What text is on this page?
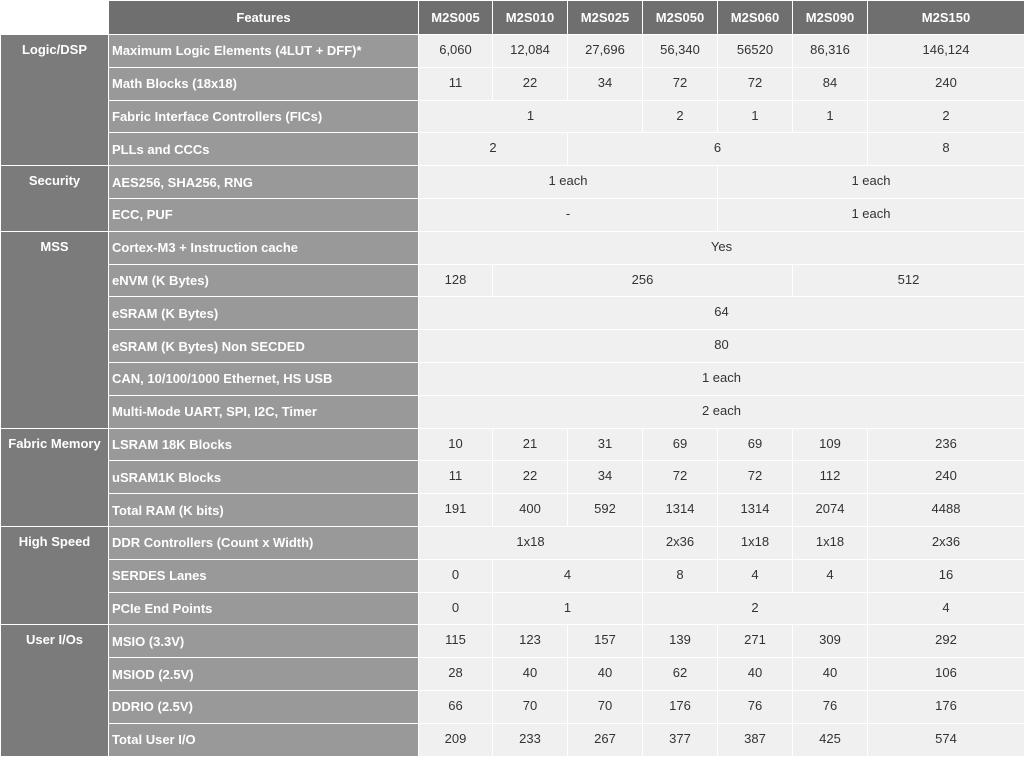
	Features	M2S005	M2S010	M2S025	M2S050	M2S060	M2S090	M2S150
Logic/DSP	Maximum Logic Elements (4LUT + DFF)*	6,060	12,084	27,696	56,340	56520	86,316	146,124
	Math Blocks (18x18)	11	22	34	72	72	84	240
	Fabric Interface Controllers (FICs)	1			2	1	1	2
	PLLs and CCCs	2		6				8
Security	AES256, SHA256, RNG	1 each				1 each		
	ECC, PUF	-				1 each		
MSS	Cortex-M3 + Instruction cache	Yes						
	eNVM (K Bytes)	128	256				512	
	eSRAM (K Bytes)	64						
	eSRAM (K Bytes) Non SECDED	80						
	CAN, 10/100/1000 Ethernet, HS USB	1 each						
	Multi-Mode UART, SPI, I2C, Timer	2 each						
Fabric Memory	LSRAM 18K Blocks	10	21	31	69	69	109	236
	uSRAM1K Blocks	11	22	34	72	72	112	240
	Total RAM (K bits)	191	400	592	1314	1314	2074	4488
High Speed	DDR Controllers (Count x Width)	1x18			2x36	1x18	1x18	2x36
	SERDES Lanes	0	4		8	4	4	16
	PCIe End Points	0	1		2			4
User I/Os	MSIO (3.3V)	115	123	157	139	271	309	292
	MSIOD (2.5V)	28	40	40	62	40	40	106
	DDRIO (2.5V)	66	70	70	176	76	76	176
	Total User I/O	209	233	267	377	387	425	574
